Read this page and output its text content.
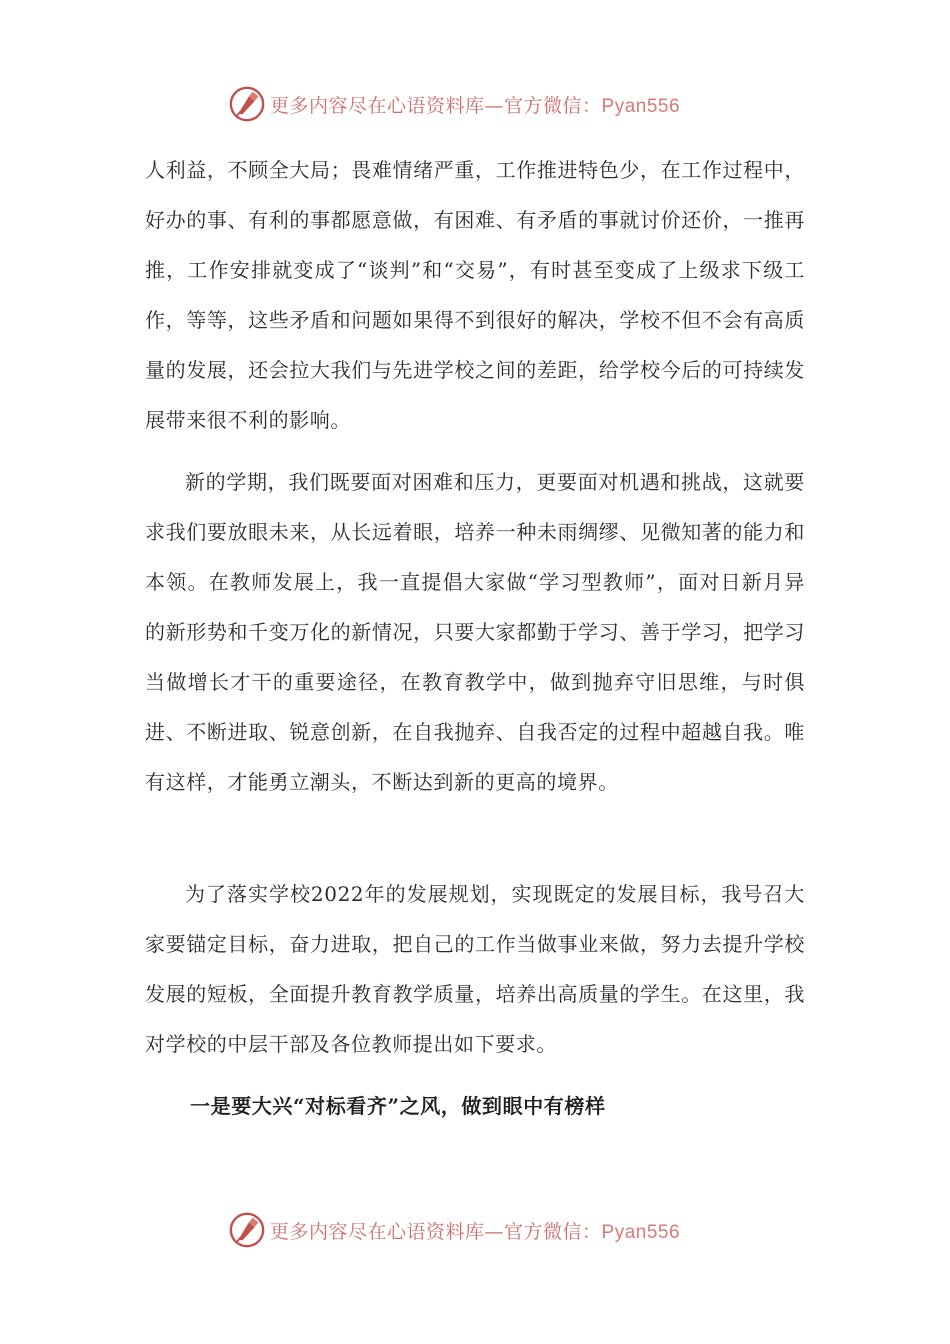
更多内容尽在心语资料库—官方微信：Pyan556

人利益，不顾全大局；畏难情绪严重，工作推进特色少，在工作过程中，好办的事、有利的事都愿意做，有困难、有矛盾的事就讨价还价，一推再推，工作安排就变成了“谈判”和“交易”，有时甚至变成了上级求下级工作，等等，这些矛盾和问题如果得不到很好的解决，学校不但不会有高质量的发展，还会拉大我们与先进学校之间的差距，给学校今后的可持续发展带来很不利的影响。

新的学期，我们既要面对困难和压力，更要面对机遇和挑战，这就要求我们要放眼未来，从长远着眼，培养一种未雨绸缪、见微知著的能力和本领。在教师发展上，我一直提倡大家做“学习型教师”，面对日新月异的新形势和千变万化的新情况，只要大家都勤于学习、善于学习，把学习当做增长才干的重要途径，在教育教学中，做到抛弃守旧思维，与时俱进、不断进取、锐意创新，在自我抛弃、自我否定的过程中超越自我。唯有这样，才能勇立潮头，不断达到新的更高的境界。

为了落实学校2022年的发展规划，实现既定的发展目标，我号召大家要锚定目标，奋力进取，把自己的工作当做事业来做，努力去提升学校发展的短板，全面提升教育教学质量，培养出高质量的学生。在这里，我对学校的中层干部及各位教师提出如下要求。

一是要大兴“对标看齐”之风，做到眼中有榜样
更多内容尽在心语资料库—官方微信：Pyan556
